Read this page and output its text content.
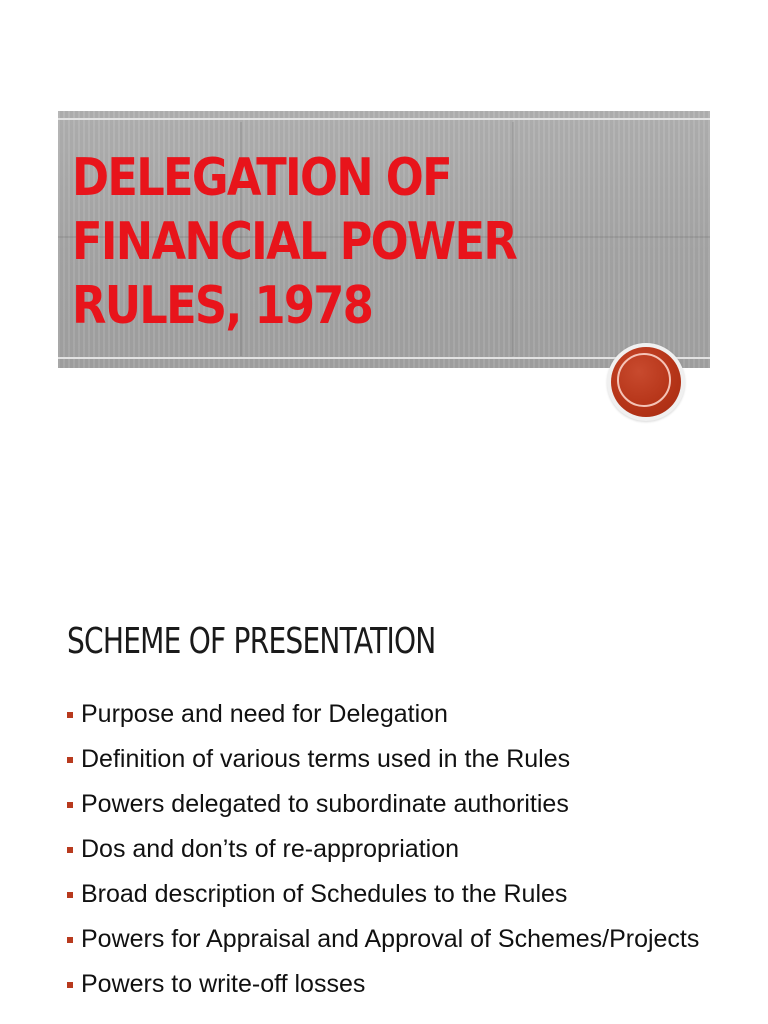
DELEGATION OF
FINANCIAL POWER
RULES, 1978
SCHEME OF PRESENTATION
Purpose and need for Delegation
Definition of various terms used in the Rules
Powers delegated to subordinate authorities
Dos and don’ts of re-appropriation
Broad description of Schedules to the Rules
Powers for Appraisal and Approval of Schemes/Projects
Powers to write-off losses
